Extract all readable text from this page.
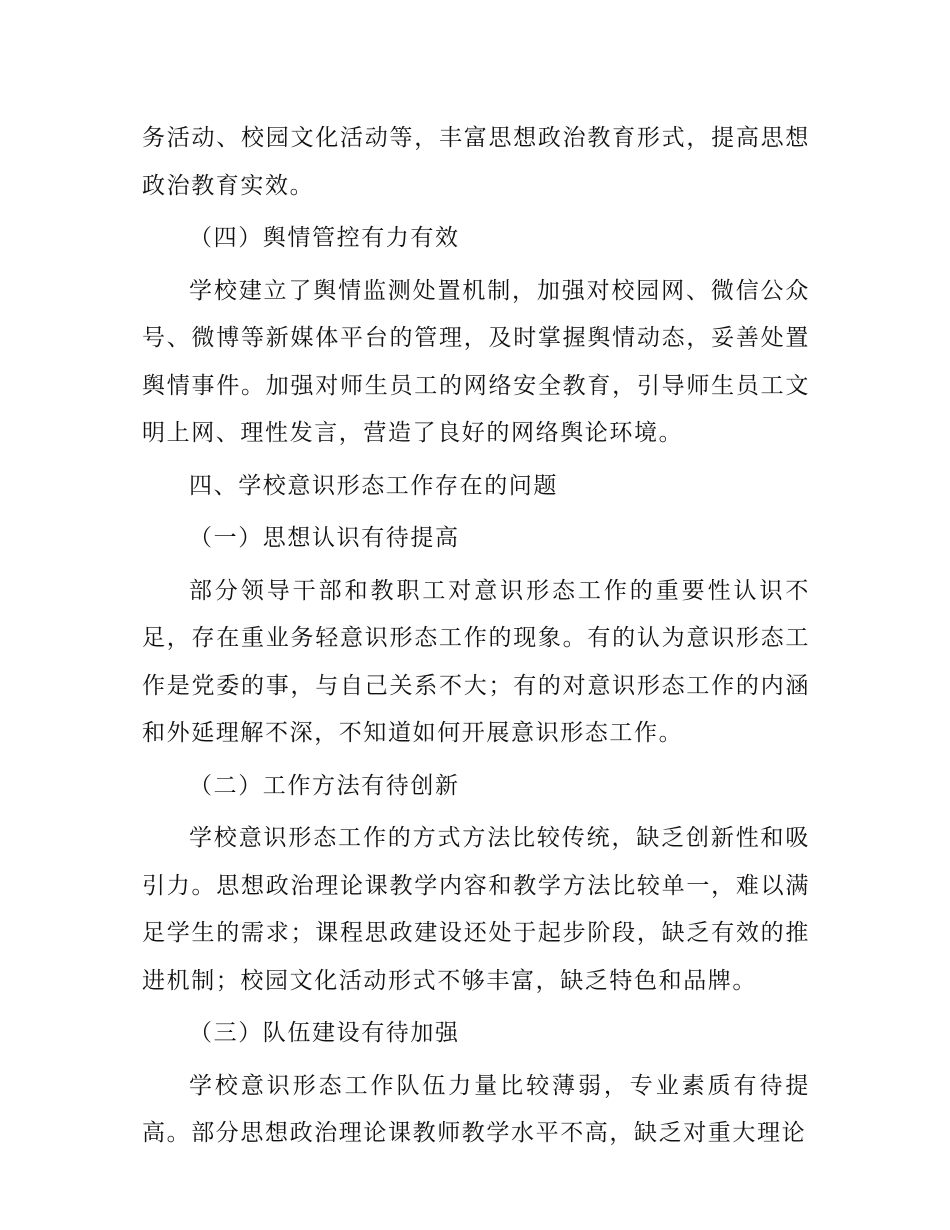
务活动、校园文化活动等，丰富思想政治教育形式，提高思想政治教育实效。

（四）舆情管控有力有效

学校建立了舆情监测处置机制，加强对校园网、微信公众号、微博等新媒体平台的管理，及时掌握舆情动态，妥善处置舆情事件。加强对师生员工的网络安全教育，引导师生员工文明上网、理性发言，营造了良好的网络舆论环境。

四、学校意识形态工作存在的问题

（一）思想认识有待提高

部分领导干部和教职工对意识形态工作的重要性认识不足，存在重业务轻意识形态工作的现象。有的认为意识形态工作是党委的事，与自己关系不大；有的对意识形态工作的内涵和外延理解不深，不知道如何开展意识形态工作。

（二）工作方法有待创新

学校意识形态工作的方式方法比较传统，缺乏创新性和吸引力。思想政治理论课教学内容和教学方法比较单一，难以满足学生的需求；课程思政建设还处于起步阶段，缺乏有效的推进机制；校园文化活动形式不够丰富，缺乏特色和品牌。

（三）队伍建设有待加强

学校意识形态工作队伍力量比较薄弱，专业素质有待提高。部分思想政治理论课教师教学水平不高，缺乏对重大理论
